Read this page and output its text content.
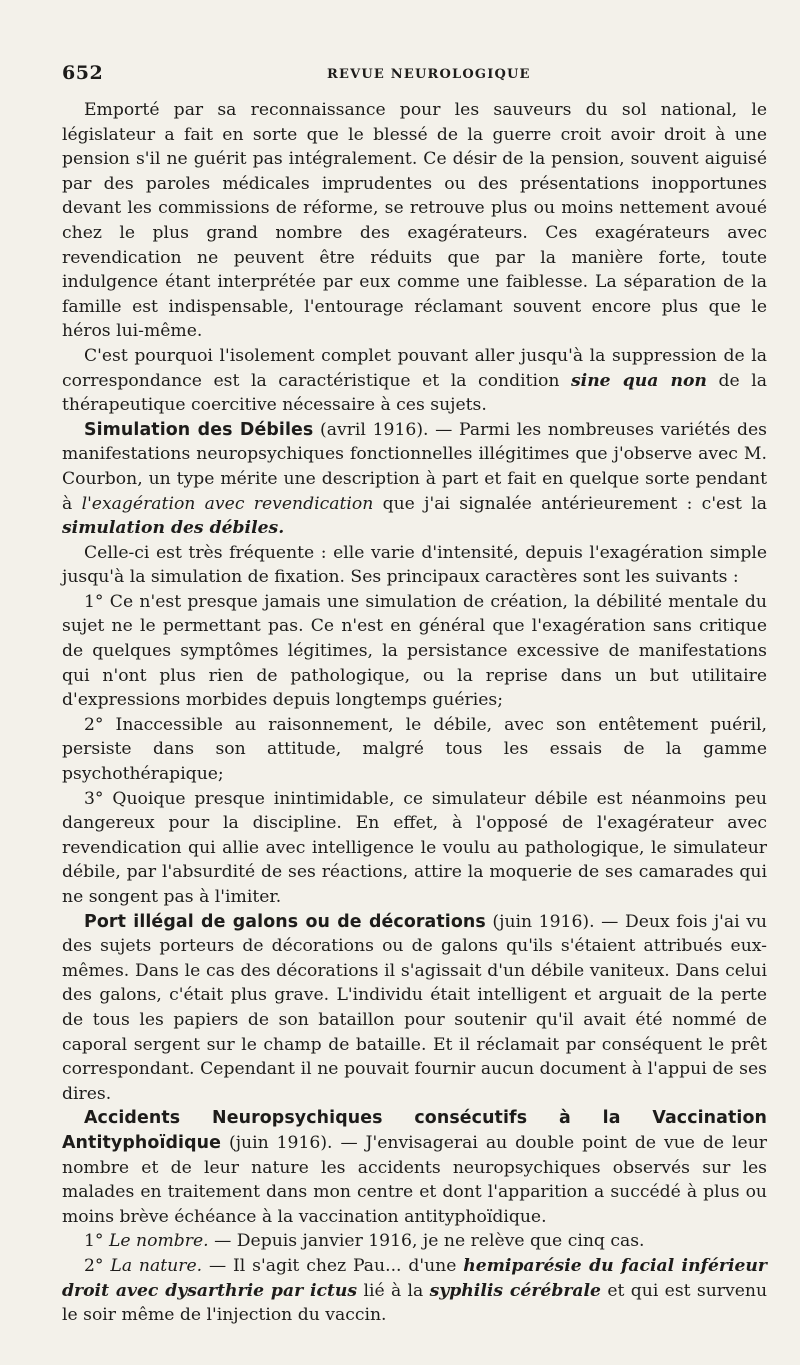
652	REVUE NEUROLOGIQUE

Emporté par sa reconnaissance pour les sauveurs du sol national, le législateur a fait en sorte que le blessé de la guerre croit avoir droit à une pension s'il ne guérit pas intégralement. Ce désir de la pension, souvent aiguisé par des paroles médicales imprudentes ou des présentations inopportunes devant les commissions de réforme, se retrouve plus ou moins nettement avoué chez le plus grand nombre des exagérateurs. Ces exagérateurs avec revendication ne peuvent être réduits que par la manière forte, toute indulgence étant interprétée par eux comme une faiblesse. La séparation de la famille est indispensable, l'entourage réclamant souvent encore plus que le héros lui-même.

C'est pourquoi l'isolement complet pouvant aller jusqu'à la suppression de la correspondance est la caractéristique et la condition sine qua non de la thérapeutique coercitive nécessaire à ces sujets.

Simulation des Débiles (avril 1916). — Parmi les nombreuses variétés des manifestations neuropsychiques fonctionnelles illégitimes que j'observe avec M. Courbon, un type mérite une description à part et fait en quelque sorte pendant à l'exagération avec revendication que j'ai signalée antérieurement : c'est la simulation des débiles.

Celle-ci est très fréquente : elle varie d'intensité, depuis l'exagération simple jusqu'à la simulation de fixation. Ses principaux caractères sont les suivants :

1° Ce n'est presque jamais une simulation de création, la débilité mentale du sujet ne le permettant pas. Ce n'est en général que l'exagération sans critique de quelques symptômes légitimes, la persistance excessive de manifestations qui n'ont plus rien de pathologique, ou la reprise dans un but utilitaire d'expressions morbides depuis longtemps guéries;

2° Inaccessible au raisonnement, le débile, avec son entêtement puéril, persiste dans son attitude, malgré tous les essais de la gamme psychothérapique;

3° Quoique presque inintimidable, ce simulateur débile est néanmoins peu dangereux pour la discipline. En effet, à l'opposé de l'exagérateur avec revendication qui allie avec intelligence le voulu au pathologique, le simulateur débile, par l'absurdité de ses réactions, attire la moquerie de ses camarades qui ne songent pas à l'imiter.

Port illégal de galons ou de décorations (juin 1916). — Deux fois j'ai vu des sujets porteurs de décorations ou de galons qu'ils s'étaient attribués eux-mêmes. Dans le cas des décorations il s'agissait d'un débile vaniteux. Dans celui des galons, c'était plus grave. L'individu était intelligent et arguait de la perte de tous les papiers de son bataillon pour soutenir qu'il avait été nommé de caporal sergent sur le champ de bataille. Et il réclamait par conséquent le prêt correspondant. Cependant il ne pouvait fournir aucun document à l'appui de ses dires.

Accidents Neuropsychiques consécutifs à la Vaccination Antityphoïdique (juin 1916). — J'envisagerai au double point de vue de leur nombre et de leur nature les accidents neuropsychiques observés sur les malades en traitement dans mon centre et dont l'apparition a succédé à plus ou moins brève échéance à la vaccination antityphoïdique.

1° Le nombre. — Depuis janvier 1916, je ne relève que cinq cas.

2° La nature. — Il s'agit chez Pau... d'une hemiparésie du facial inférieur droit avec dysarthrie par ictus lié à la syphilis cérébrale et qui est survenu le soir même de l'injection du vaccin.
